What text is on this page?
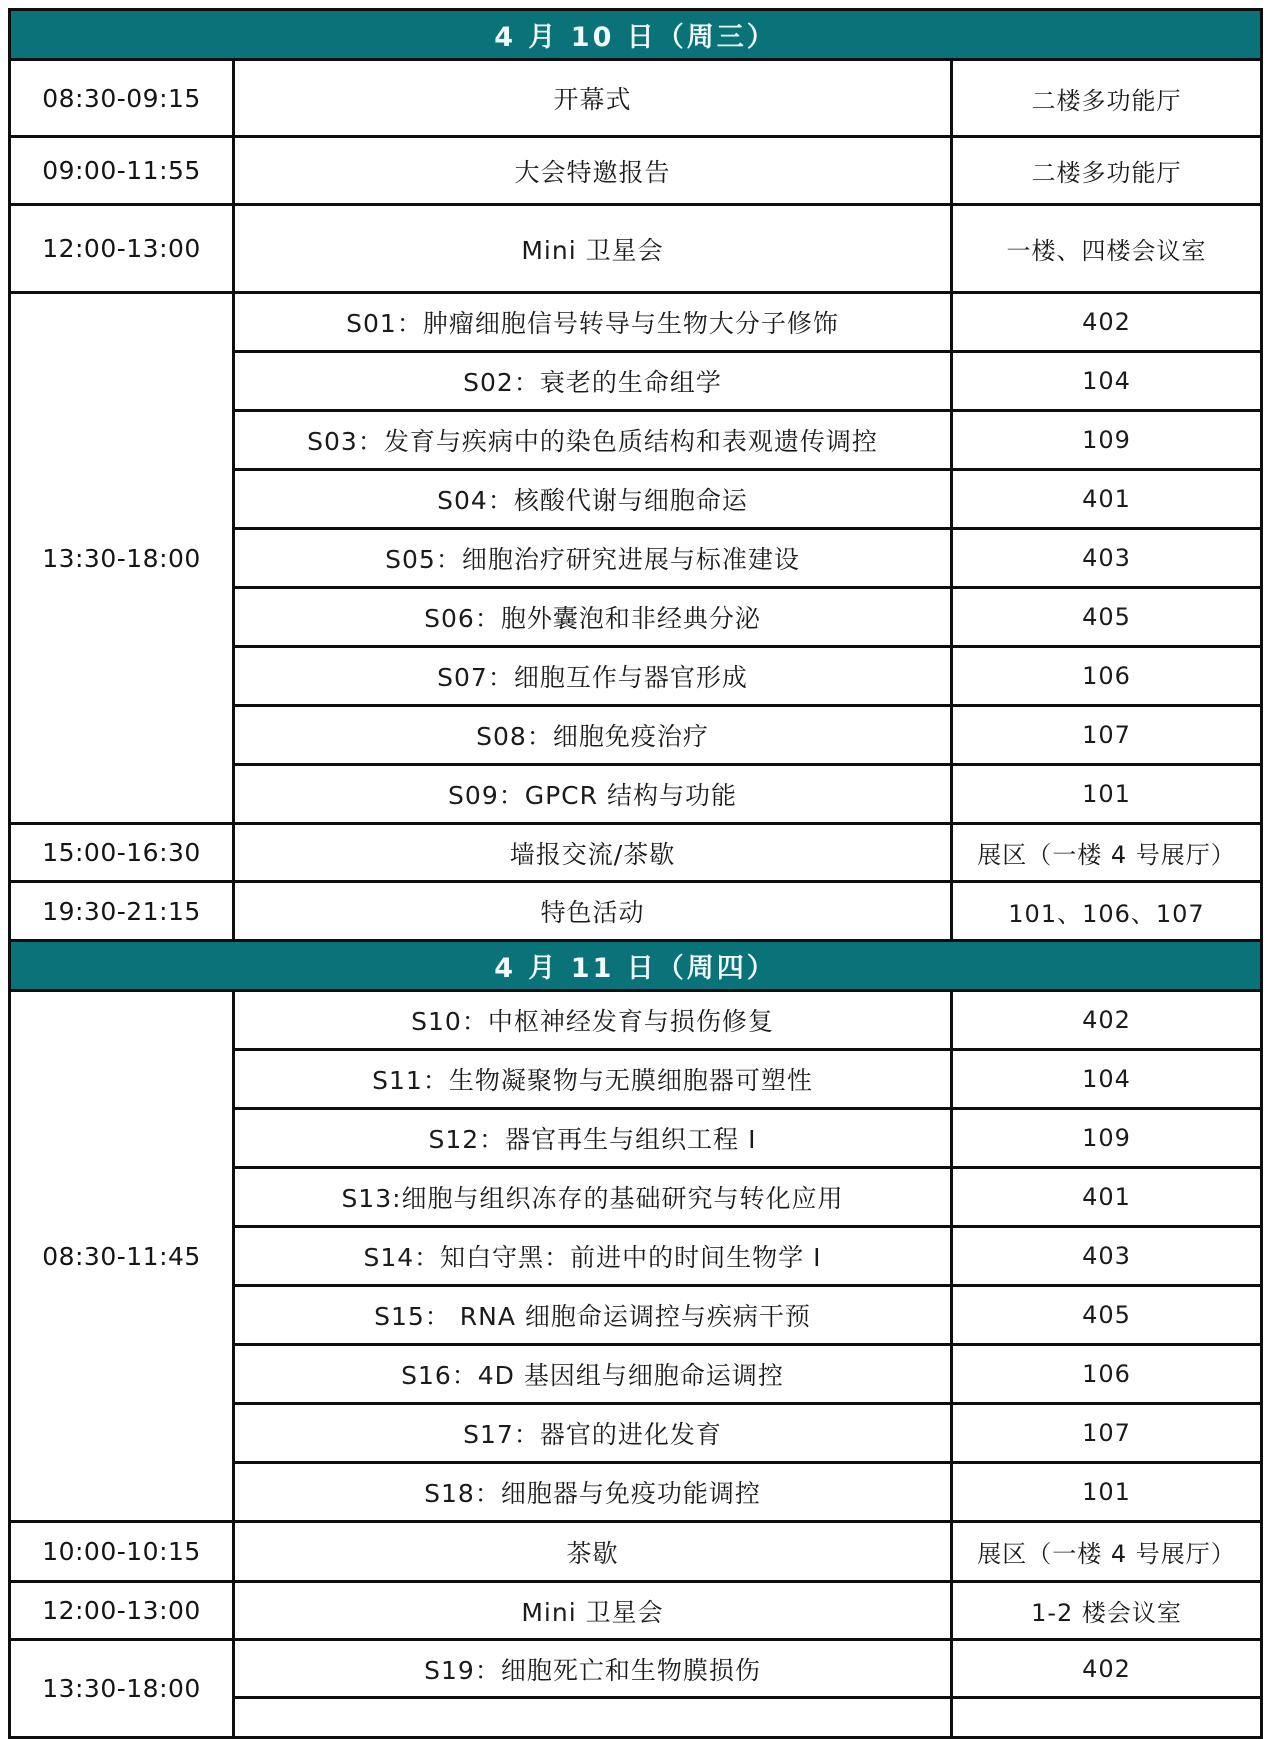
4 月 10 日（周三）		
08:30-09:15	开幕式	二楼多功能厅
09:00-11:55	大会特邀报告	二楼多功能厅
12:00-13:00	Mini 卫星会	一楼、四楼会议室
13:30-18:00	S01：肿瘤细胞信号转导与生物大分子修饰	402
	S02：衰老的生命组学	104
	S03：发育与疾病中的染色质结构和表观遗传调控	109
	S04：核酸代谢与细胞命运	401
	S05：细胞治疗研究进展与标准建设	403
	S06：胞外囊泡和非经典分泌	405
	S07：细胞互作与器官形成	106
	S08：细胞免疫治疗	107
	S09：GPCR 结构与功能	101
15:00-16:30	墙报交流/茶歇	展区（一楼 4 号展厅）
19:30-21:15	特色活动	101、106、107
4 月 11 日（周四）		
08:30-11:45	S10：中枢神经发育与损伤修复	402
	S11：生物凝聚物与无膜细胞器可塑性	104
	S12：器官再生与组织工程 I	109
	S13:细胞与组织冻存的基础研究与转化应用	401
	S14：知白守黑：前进中的时间生物学 I	403
	S15： RNA 细胞命运调控与疾病干预	405
	S16：4D 基因组与细胞命运调控	106
	S17：器官的进化发育	107
	S18：细胞器与免疫功能调控	101
10:00-10:15	茶歇	展区（一楼 4 号展厅）
12:00-13:00	Mini 卫星会	1-2 楼会议室
13:30-18:00	S19：细胞死亡和生物膜损伤	402
